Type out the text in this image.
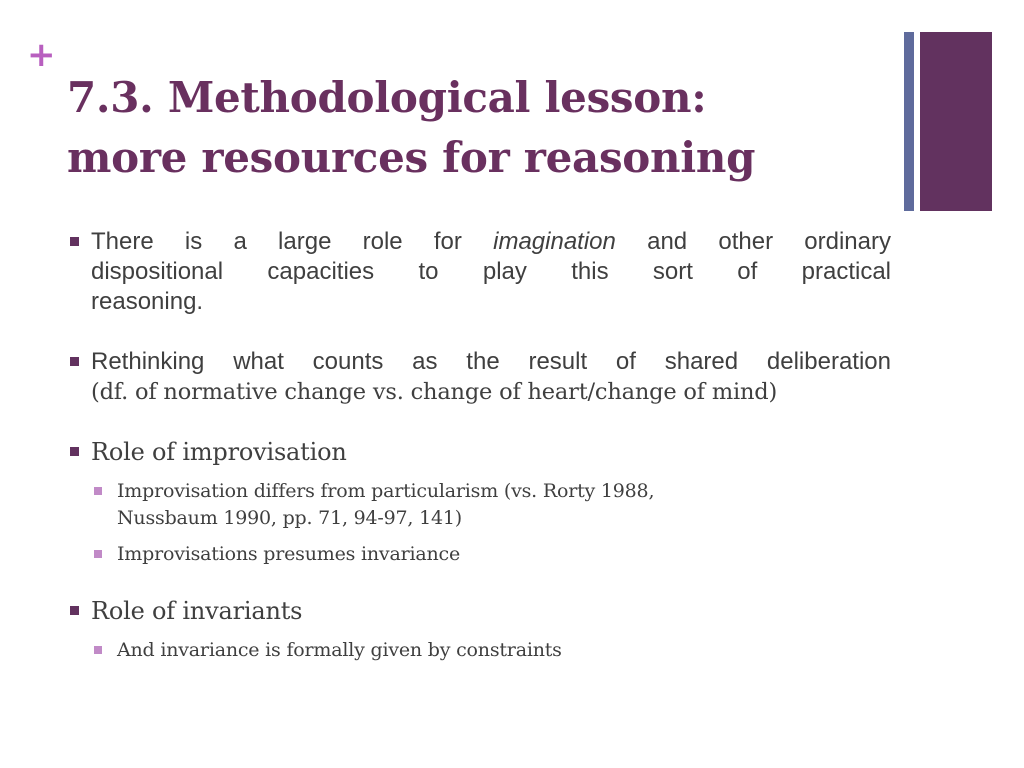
+
7.3. Methodological lesson:
more resources for reasoning
There is a large role for imagination and other ordinary
dispositional capacities to play this sort of practical
reasoning.
Rethinking what counts as the result of shared deliberation
(df. of normative change vs. change of heart/change of mind)
Role of improvisation
Improvisation differs from particularism (vs. Rorty 1988,
Nussbaum 1990, pp. 71, 94-97, 141)
Improvisations presumes invariance
Role of invariants
And invariance is formally given by constraints
